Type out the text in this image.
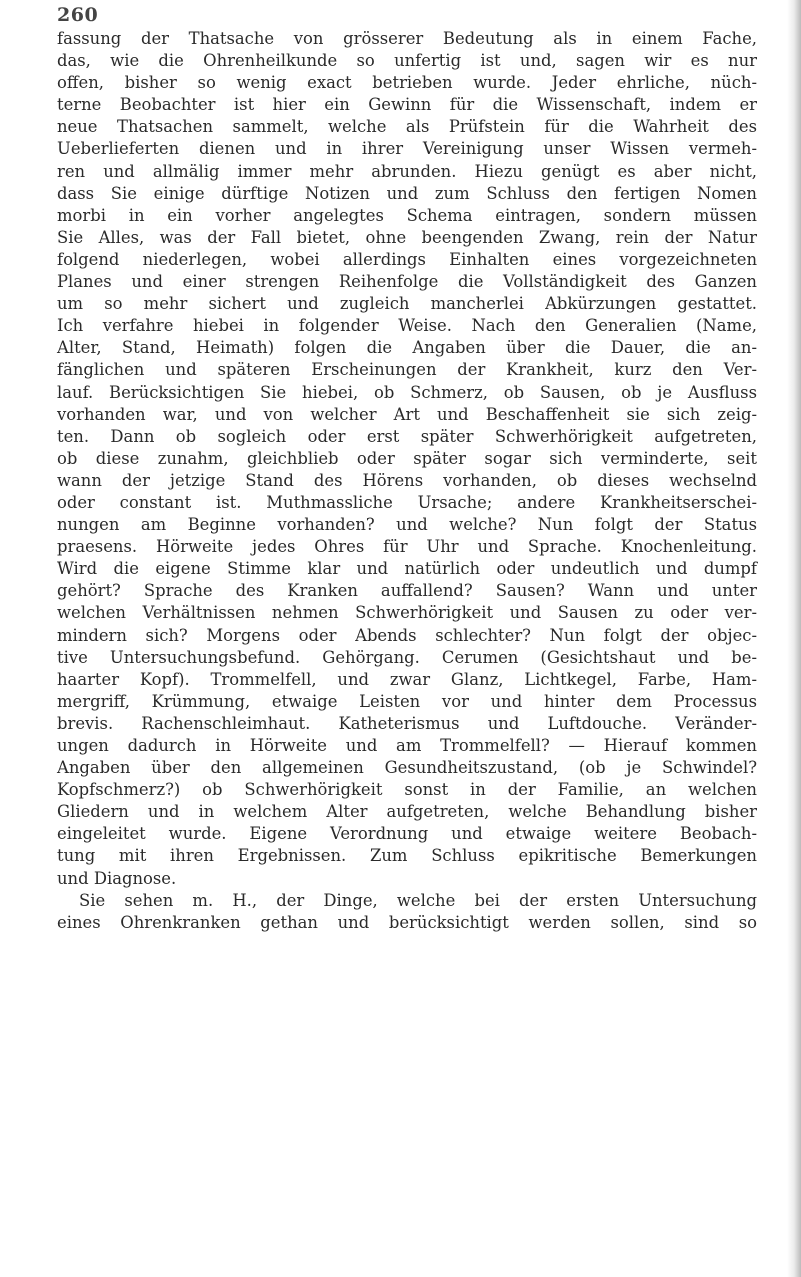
260
fassung der Thatsache von grösserer Bedeutung als in einem Fache,
das, wie die Ohrenheilkunde so unfertig ist und, sagen wir es nur
offen, bisher so wenig exact betrieben wurde. Jeder ehrliche, nüch-
terne Beobachter ist hier ein Gewinn für die Wissenschaft, indem er
neue Thatsachen sammelt, welche als Prüfstein für die Wahrheit des
Ueberlieferten dienen und in ihrer Vereinigung unser Wissen vermeh-
ren und allmälig immer mehr abrunden. Hiezu genügt es aber nicht,
dass Sie einige dürftige Notizen und zum Schluss den fertigen Nomen
morbi in ein vorher angelegtes Schema eintragen, sondern müssen
Sie Alles, was der Fall bietet, ohne beengenden Zwang, rein der Natur
folgend niederlegen, wobei allerdings Einhalten eines vorgezeichneten
Planes und einer strengen Reihenfolge die Vollständigkeit des Ganzen
um so mehr sichert und zugleich mancherlei Abkürzungen gestattet.
Ich verfahre hiebei in folgender Weise. Nach den Generalien (Name,
Alter, Stand, Heimath) folgen die Angaben über die Dauer, die an-
fänglichen und späteren Erscheinungen der Krankheit, kurz den Ver-
lauf. Berücksichtigen Sie hiebei, ob Schmerz, ob Sausen, ob je Ausfluss
vorhanden war, und von welcher Art und Beschaffenheit sie sich zeig-
ten. Dann ob sogleich oder erst später Schwerhörigkeit aufgetreten,
ob diese zunahm, gleichblieb oder später sogar sich verminderte, seit
wann der jetzige Stand des Hörens vorhanden, ob dieses wechselnd
oder constant ist. Muthmassliche Ursache; andere Krankheitserschei-
nungen am Beginne vorhanden? und welche? Nun folgt der Status
praesens. Hörweite jedes Ohres für Uhr und Sprache. Knochenleitung.
Wird die eigene Stimme klar und natürlich oder undeutlich und dumpf
gehört? Sprache des Kranken auffallend? Sausen? Wann und unter
welchen Verhältnissen nehmen Schwerhörigkeit und Sausen zu oder ver-
mindern sich? Morgens oder Abends schlechter? Nun folgt der objec-
tive Untersuchungsbefund. Gehörgang. Cerumen (Gesichtshaut und be-
haarter Kopf). Trommelfell, und zwar Glanz, Lichtkegel, Farbe, Ham-
mergriff, Krümmung, etwaige Leisten vor und hinter dem Processus
brevis. Rachenschleimhaut. Katheterismus und Luftdouche. Veränder-
ungen dadurch in Hörweite und am Trommelfell? — Hierauf kommen
Angaben über den allgemeinen Gesundheitszustand, (ob je Schwindel?
Kopfschmerz?) ob Schwerhörigkeit sonst in der Familie, an welchen
Gliedern und in welchem Alter aufgetreten, welche Behandlung bisher
eingeleitet wurde. Eigene Verordnung und etwaige weitere Beobach-
tung mit ihren Ergebnissen. Zum Schluss epikritische Bemerkungen
und Diagnose.
Sie sehen m. H., der Dinge, welche bei der ersten Untersuchung
eines Ohrenkranken gethan und berücksichtigt werden sollen, sind so
